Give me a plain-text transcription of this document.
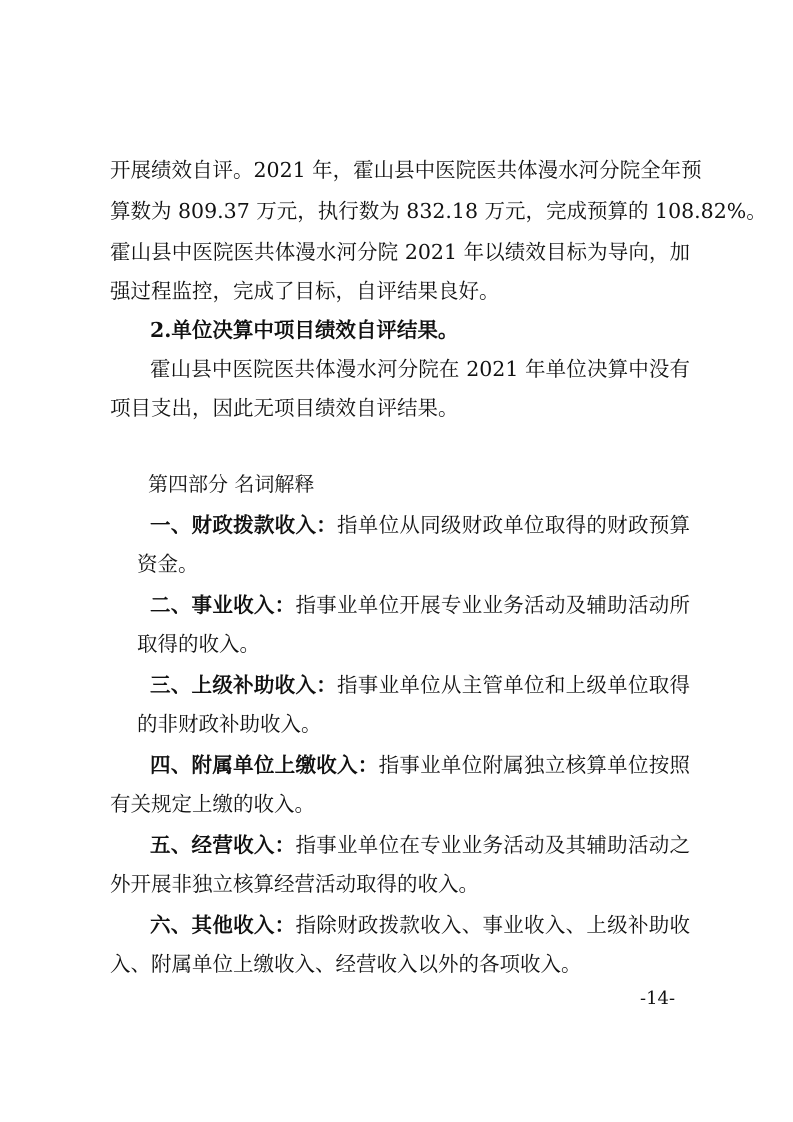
开展绩效自评。2021 年，霍山县中医院医共体漫水河分院全年预
算数为 809.37 万元，执行数为 832.18 万元，完成预算的 108.82%。
霍山县中医院医共体漫水河分院 2021 年以绩效目标为导向，加
强过程监控，完成了目标，自评结果良好。
2.单位决算中项目绩效自评结果。
霍山县中医院医共体漫水河分院在 2021 年单位决算中没有
项目支出，因此无项目绩效自评结果。
第四部分 名词解释
一、财政拨款收入：指单位从同级财政单位取得的财政预算
资金。
二、事业收入：指事业单位开展专业业务活动及辅助活动所
取得的收入。
三、上级补助收入：指事业单位从主管单位和上级单位取得
的非财政补助收入。
四、附属单位上缴收入：指事业单位附属独立核算单位按照
有关规定上缴的收入。
五、经营收入：指事业单位在专业业务活动及其辅助活动之
外开展非独立核算经营活动取得的收入。
六、其他收入：指除财政拨款收入、事业收入、上级补助收
入、附属单位上缴收入、经营收入以外的各项收入。
-14-
